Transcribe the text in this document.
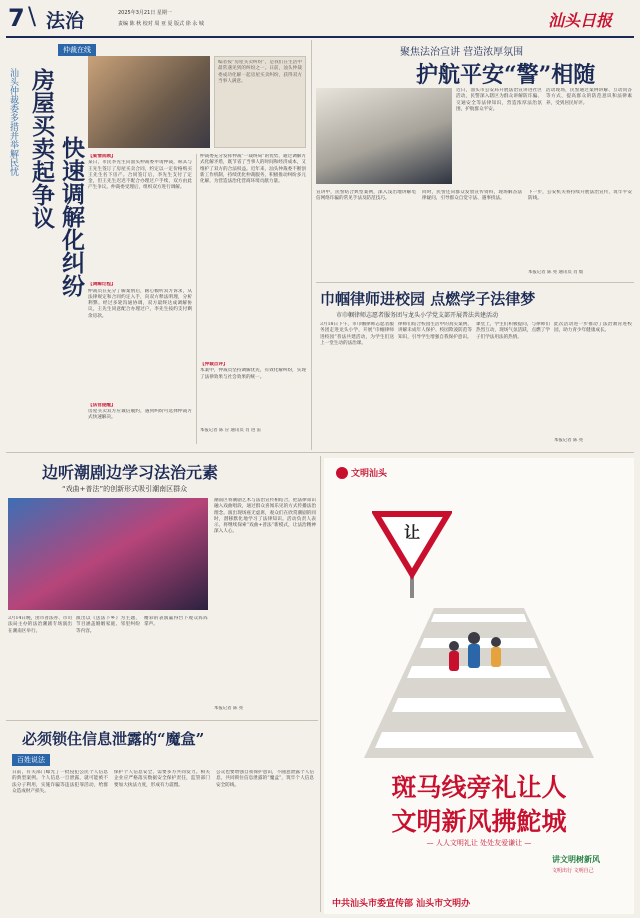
7 \ 法治	2025年3月21日 星期一
责编 陈 秋 校对 周 亚 夏 版式 徐 永 城	汕头日报
仲裁在线
汕头仲裁委多措并举解民忧 房屋买卖起争议 快速调解化纠纷
编者按“房屋买卖纠纷”，是我们在生活中最常遇见到的纠纷之一。日前，汕头仲裁委成功化解一起房屋买卖纠纷，获得双方当事人满意。
【案情回顾】
某日，市民李先生向汕头仲裁委申请仲裁，称其与王先生签订了房屋买卖合同，约定以一定价格购买王先生名下房产。合同签订后，李先生支付了定金，但王先生迟迟不配合办理过户手续，双方由此产生争议。仲裁委受理后，组织双方进行调解。
【调解过程】
仲裁员在充分了解案情后，耐心倾听双方诉求，从法律规定和合同约定入手，向双方释法明理，分析利弊。经过多轮沟通协调，双方最终达成调解协议，王先生同意配合办理过户，李先生按约支付剩余房款。
【法官提醒】
房屋买卖双方应诚信履约，遇到纠纷可选择仲裁方式快速解决。
仲裁委充分发挥仲裁“一裁终局”的优势，通过调解方式化解矛盾，既节省了当事人的时间和经济成本，又维护了双方的合法权益。近年来，汕头仲裁委不断创新工作机制，持续优化仲裁服务，积极推动纠纷多元化解，为营造法治化营商环境贡献力量。
【仲裁点评】
本案中，仲裁员坚持调解优先，有效化解纠纷，实现了法律效果与社会效果的统一。
本报记者 陈 应 通讯员 肖 进 雷
聚焦法治宣讲 营造浓厚氛围
护航平安“警”相随
近日，汕头市公安局开展法治宣讲进社区活动，民警深入辖区为群众讲解防诈骗、交通安全等法律知识，营造浓厚法治氛围，护航群众平安。
活动现场，民警通过案例讲解、互动问答等方式，提高群众的防范意识和法律素养，受到居民好评。
宣讲中，民警结合典型案例，深入浅出地讲解电信网络诈骗的常见手法及防范技巧。
同时，民警还向群众发放宣传资料，现场解答法律疑问，引导群众自觉守法、遇事找法。
下一步，公安机关将持续开展法治宣传，筑牢平安防线。
本报记者 陈 亮 通讯员 肖 灿
巾帼律师进校园 点燃学子法律梦
市巾帼律师志愿者服务团与龙头小学党支部开展普法共建活动
3月18日下午，市巾帼律师志愿者服务团走进龙头小学，开展“巾帼律师进校园”普法共建活动，为学生们送上一堂生动的法治课。
律师们结合校园生活中的真实案例，讲解未成年人保护、校园欺凌防范等知识，引导学生增强自我保护意识。
课堂上，学生们积极提问，与律师们热烈互动，现场气氛活跃，点燃了学子们学法用法的热情。
此次活动进一步推动了法治教育进校园，助力青少年健康成长。
本报记者 陈 亮
边听潮剧边学习法治元素
“戏曲+普法”的创新形式吸引潮南区群众
潮南区将潮剧艺术与法治宣传相结合，把法律知识融入戏曲唱段，通过群众喜闻乐见的方式传播法治理念。演出现场座无虚席，观众们在欣赏潮剧的同时，潜移默化地学习了法律知识。活动负责人表示，将继续探索“戏曲+普法”新模式，让法治精神深入人心。
3月14日晚，由市普法办、市司法局主办的法治潮剧专场演出在潮南区举行。
演出以《送法下乡》为主题，节目涵盖婚姻家庭、邻里纠纷等内容。
精彩的表演赢得台下观众阵阵掌声。
本报记者 陈 亮
必须锁住信息泄露的“魔盒”
百姓说法
日前，有关部门曝光了一批侵犯公民个人信息的典型案例。个人信息一旦泄露，就可能被不法分子利用，实施诈骗等违法犯罪活动，给群众造成财产损失。
保护个人信息安全，需要多方共同发力。相关企业应严格落实数据安全保护责任，监管部门要加大执法力度，形成有力震慑。
公众也要增强自我保护意识，不随意泄露个人信息，共同锁住信息泄露的“魔盒”，筑牢个人信息安全防线。
文明汕头
让
斑马线旁礼让人
文明新风拂鮀城
— 人人文明礼让 处处友爱谦让 —
讲文明树新风
文明出行 文明自己
中共汕头市委宣传部 汕头市文明办
